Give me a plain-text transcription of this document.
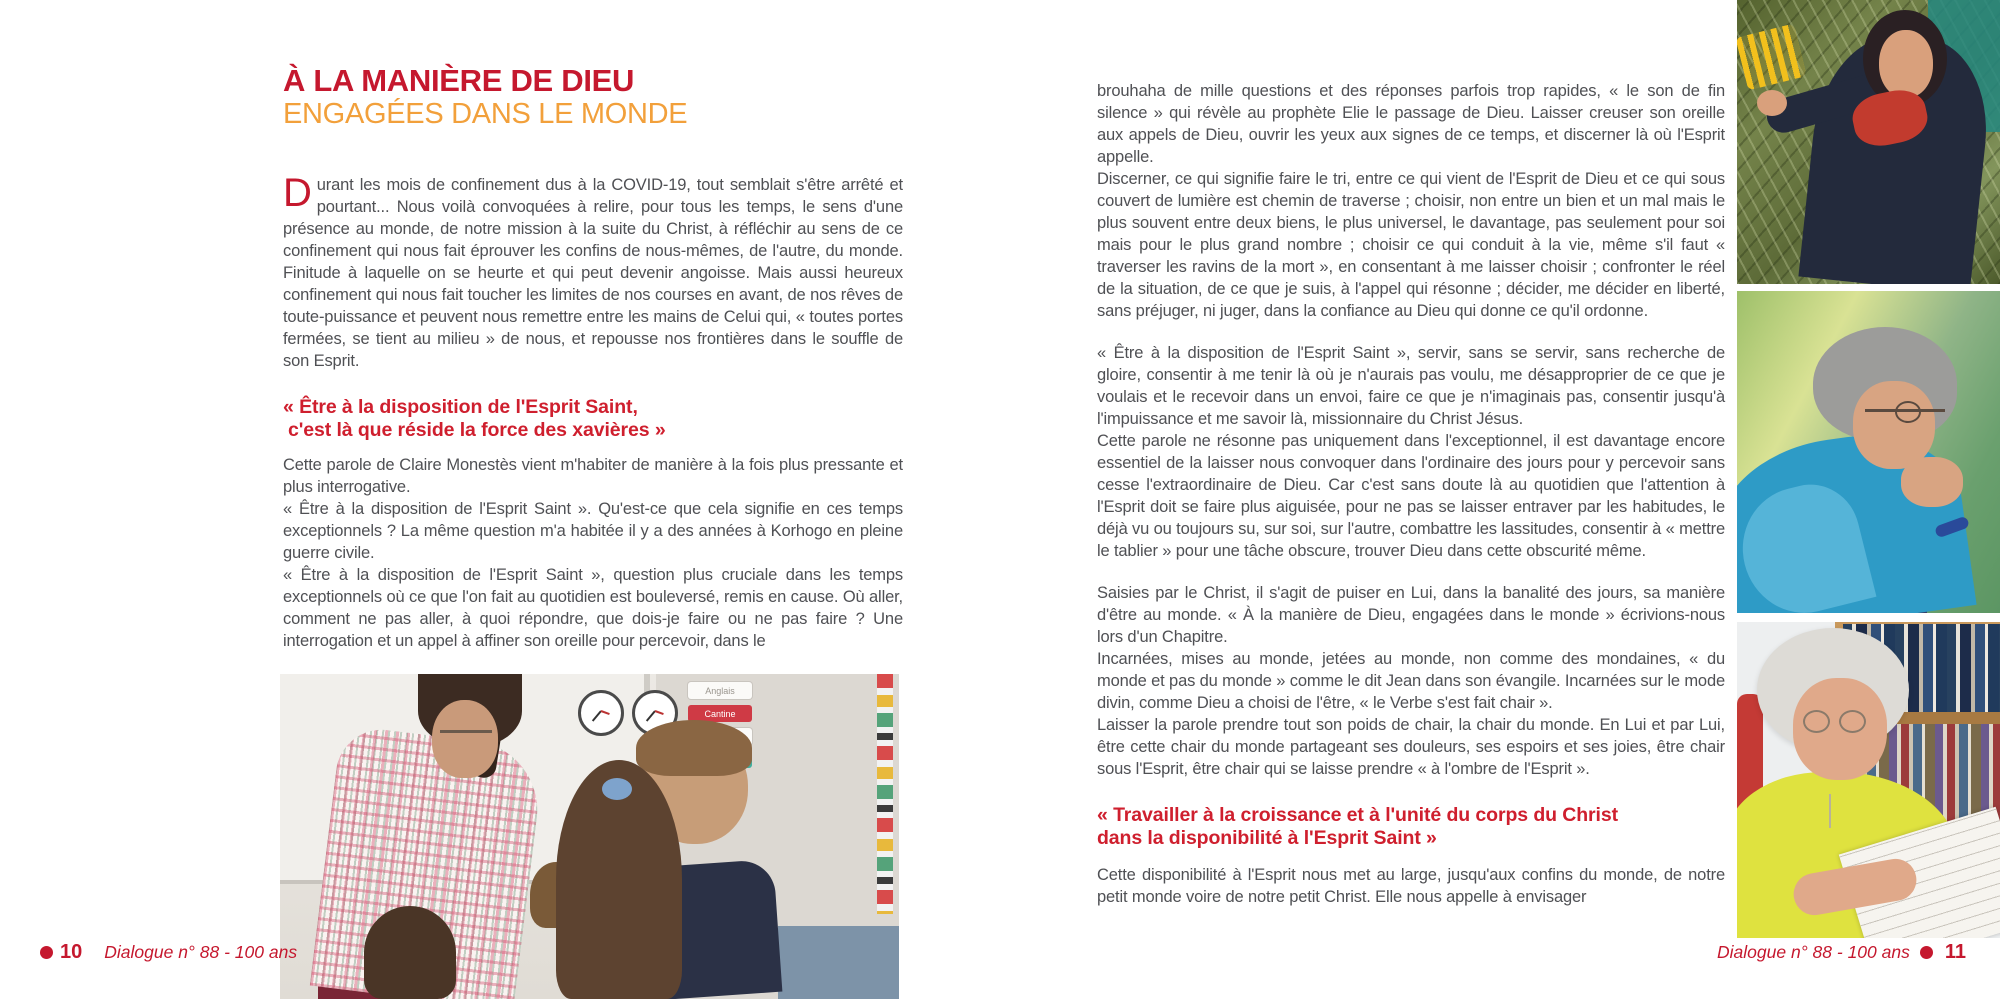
À LA MANIÈRE DE DIEU
ENGAGÉES DANS LE MONDE

Durant les mois de confinement dus à la COVID-19, tout semblait s'être arrêté et pourtant... Nous voilà convoquées à relire, pour tous les temps, le sens d'une présence au monde, de notre mission à la suite du Christ, à réfléchir au sens de ce confinement qui nous fait éprouver les confins de nous-mêmes, de l'autre, du monde. Finitude à laquelle on se heurte et qui peut devenir angoisse. Mais aussi heureux confinement qui nous fait toucher les limites de nos courses en avant, de nos rêves de toute-puissance et peuvent nous remettre entre les mains de Celui qui, « toutes portes fermées, se tient au milieu » de nous, et repousse nos frontières dans le souffle de son Esprit.

« Être à la disposition de l'Esprit Saint,
c'est là que réside la force des xavières »

Cette parole de Claire Monestès vient m'habiter de manière à la fois plus pressante et plus interrogative.

« Être à la disposition de l'Esprit Saint ». Qu'est-ce que cela signifie en ces temps exceptionnels ? La même question m'a habitée il y a des années à Korhogo en pleine guerre civile.

« Être à la disposition de l'Esprit Saint », question plus cruciale dans les temps exceptionnels où ce que l'on fait au quotidien est bouleversé, remis en cause. Où aller, comment ne pas aller, à quoi répondre, que dois-je faire ou ne pas faire ? Une interrogation et un appel à affiner son oreille pour percevoir, dans le

Anglais
Cantine
10 Dialogue n° 88 - 100 ans

brouhaha de mille questions et des réponses parfois trop rapides, « le son de fin silence » qui révèle au prophète Elie le passage de Dieu. Laisser creuser son oreille aux appels de Dieu, ouvrir les yeux aux signes de ce temps, et discerner là où l'Esprit appelle.

Discerner, ce qui signifie faire le tri, entre ce qui vient de l'Esprit de Dieu et ce qui sous couvert de lumière est chemin de traverse ; choisir, non entre un bien et un mal mais le plus souvent entre deux biens, le plus universel, le davantage, pas seulement pour soi mais pour le plus grand nombre ; choisir ce qui conduit à la vie, même s'il faut « traverser les ravins de la mort », en consentant à me laisser choisir ; confronter le réel de la situation, de ce que je suis, à l'appel qui résonne ; décider, me décider en liberté, sans préjuger, ni juger, dans la confiance au Dieu qui donne ce qu'il ordonne.

« Être à la disposition de l'Esprit Saint », servir, sans se servir, sans recherche de gloire, consentir à me tenir là où je n'aurais pas voulu, me désapproprier de ce que je voulais et le recevoir dans un envoi, faire ce que je n'imaginais pas, consentir jusqu'à l'impuissance et me savoir là, missionnaire du Christ Jésus.

Cette parole ne résonne pas uniquement dans l'exceptionnel, il est davantage encore essentiel de la laisser nous convoquer dans l'ordinaire des jours pour y percevoir sans cesse l'extraordinaire de Dieu. Car c'est sans doute là au quotidien que l'attention à l'Esprit doit se faire plus aiguisée, pour ne pas se laisser entraver par les habitudes, le déjà vu ou toujours su, sur soi, sur l'autre, combattre les lassitudes, consentir à « mettre le tablier » pour une tâche obscure, trouver Dieu dans cette obscurité même.

Saisies par le Christ, il s'agit de puiser en Lui, dans la banalité des jours, sa manière d'être au monde. « À la manière de Dieu, engagées dans le monde » écrivions-nous lors d'un Chapitre.

Incarnées, mises au monde, jetées au monde, non comme des mondaines, « du monde et pas du monde » comme le dit Jean dans son évangile. Incarnées sur le mode divin, comme Dieu a choisi de l'être, « le Verbe s'est fait chair ».

Laisser la parole prendre tout son poids de chair, la chair du monde. En Lui et par Lui, être cette chair du monde partageant ses douleurs, ses espoirs et ses joies, être chair sous l'Esprit, être chair qui se laisse prendre « à l'ombre de l'Esprit ».

« Travailler à la croissance et à l'unité du corps du Christ
dans la disponibilité à l'Esprit Saint »

Cette disponibilité à l'Esprit nous met au large, jusqu'aux confins du monde, de notre petit monde voire de notre petit Christ. Elle nous appelle à envisager

Dialogue n° 88 - 100 ans 11
